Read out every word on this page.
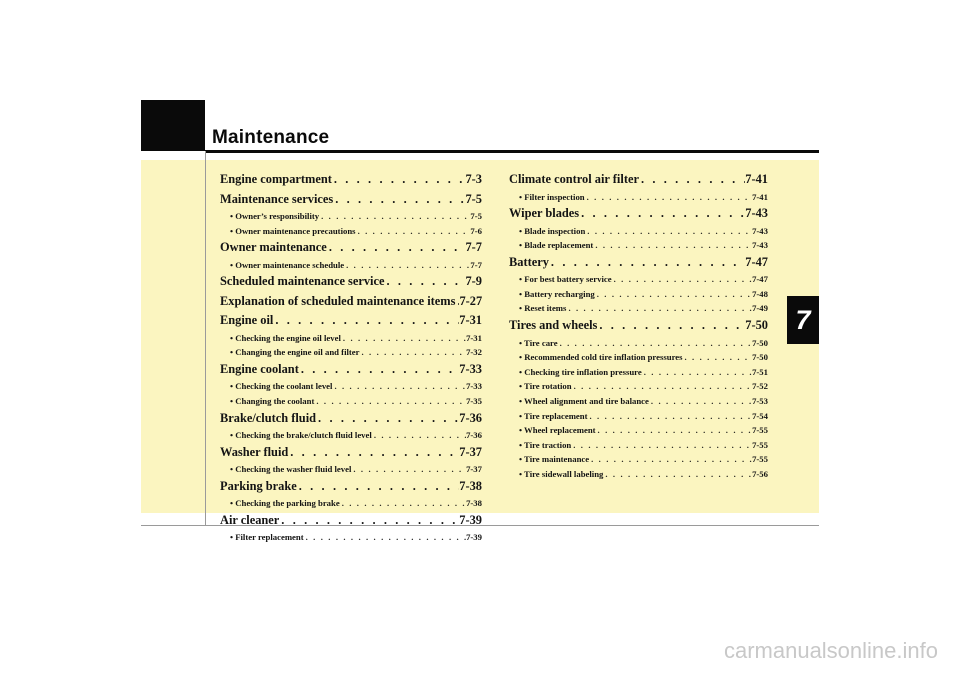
Maintenance
7
Engine compartment . . .	7-3
Maintenance services . . .	7-5
• Owner’s responsibility . . .	7-5
• Owner maintenance precautions . . .	7-6
Owner maintenance . . .	7-7
• Owner maintenance schedule . . .	7-7
Scheduled maintenance service . . .	7-9
Explanation of scheduled maintenance items . . . 7-27
Engine oil . . .	7-31
• Checking the engine oil level . . .	7-31
• Changing the engine oil and filter . . .	7-32
Engine coolant . . .	7-33
• Checking the coolant level . . .	7-33
• Changing the coolant . . .	7-35
Brake/clutch fluid . . .	7-36
• Checking the brake/clutch fluid level . . .	7-36
Washer fluid . . .	7-37
• Checking the washer fluid level . . .	7-37
Parking brake . . .	7-38
• Checking the parking brake . . .	7-38
Air cleaner . . .	7-39
• Filter replacement . . .	7-39
Climate control air filter . . .	7-41
• Filter inspection . . .	7-41
Wiper blades . . .	7-43
• Blade inspection . . .	7-43
• Blade replacement . . .	7-43
Battery . . .	7-47
• For best battery service . . .	7-47
• Battery recharging . . .	7-48
• Reset items . . .	7-49
Tires and wheels . . .	7-50
• Tire care . . .	7-50
• Recommended cold tire inflation pressures . . .	7-50
• Checking tire inflation pressure . . .	7-51
• Tire rotation . . .	7-52
• Wheel alignment and tire balance . . .	7-53
• Tire replacement . . .	7-54
• Wheel replacement . . .	7-55
• Tire traction . . .	7-55
• Tire maintenance . . .	7-55
• Tire sidewall labeling . . .	7-56
carmanualsonline.info
